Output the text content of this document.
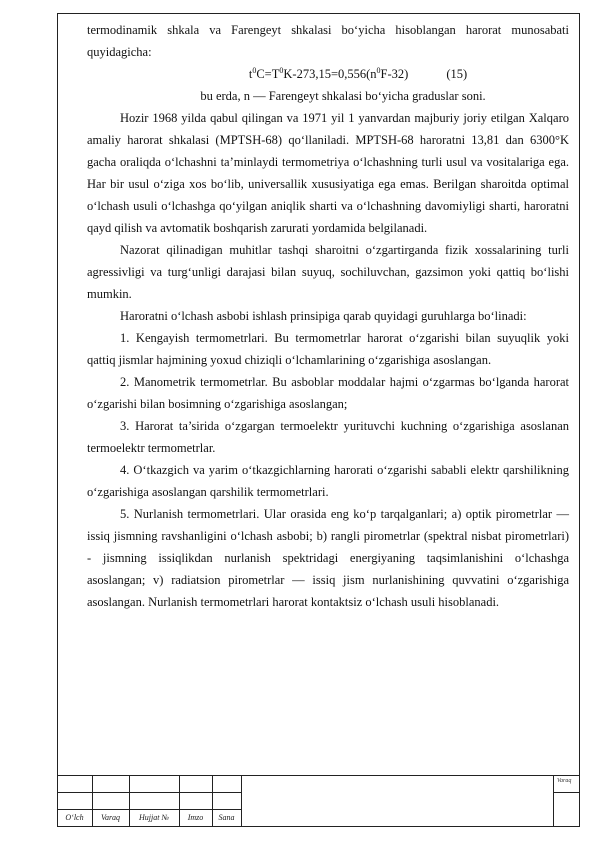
termodinamik shkala va Farengeyt shkalasi bo‘yicha hisoblangan harorat munosabati quyidagicha:

$t^0C=T^0K-273,15=0,556(n^0F-32)$	(15)

bu erda, n — Farengeyt shkalasi bo‘yicha graduslar soni.

Hozir 1968 yilda qabul qilingan va 1971 yil 1 yanvardan majburiy joriy etilgan Xalqaro amaliy harorat shkalasi (MPTSH-68) qo‘llaniladi. MPTSH-68 haroratni 13,81 dan 6300°K gacha oraliqda o‘lchashni ta’minlaydi termometriya o‘lchashning turli usul va vositalariga ega. Har bir usul o‘ziga xos bo‘lib, universallik xususiyatiga ega emas. Berilgan sharoitda optimal o‘lchash usuli o‘lchashga qo‘yilgan aniqlik sharti va o‘lchashning davomiyligi sharti, haroratni qayd qilish va avtomatik boshqarish zarurati yordamida belgilanadi.

Nazorat qilinadigan muhitlar tashqi sharoitni o‘zgartirganda fizik xossalarining turli agressivligi va turg‘unligi darajasi bilan suyuq, sochiluvchan, gazsimon yoki qattiq bo‘lishi mumkin.

Haroratni o‘lchash asbobi ishlash prinsipiga qarab quyidagi guruhlarga bo‘linadi:

1. Kengayish termometrlari. Bu termometrlar harorat o‘zgarishi bilan suyuqlik yoki qattiq jismlar hajmining yoxud chiziqli o‘lchamlarining o‘zgarishiga asoslangan.

2. Manometrik termometrlar. Bu asboblar moddalar hajmi o‘zgarmas bo‘lganda harorat o‘zgarishi bilan bosimning o‘zgarishiga asoslangan;

3. Harorat ta’sirida o‘zgargan termoelektr yurituvchi kuchning o‘zgarishiga asoslanan termoelektr termometrlar.

4. O‘tkazgich va yarim o‘tkazgichlarning harorati o‘zgarishi sababli elektr qarshilikning o‘zgarishiga asoslangan qarshilik termometrlari.

5. Nurlanish termometrlari. Ular orasida eng ko‘p tarqalganlari; a) optik pirometrlar — issiq jismning ravshanligini o‘lchash asbobi; b) rangli pirometrlar (spektral nisbat pirometrlari) - jismning issiqlikdan nurlanish spektridagi energiyaning taqsimlanishini o‘lchashga asoslangan; v) radiatsion pirometrlar — issiq jism nurlanishining quvvatini o‘zgarishiga asoslangan. Nurlanish termometrlari harorat kontaktsiz o‘lchash usuli hisoblanadi.

O‘lch	Varaq	Hujjat №	Imzo	Sana
Varaq
